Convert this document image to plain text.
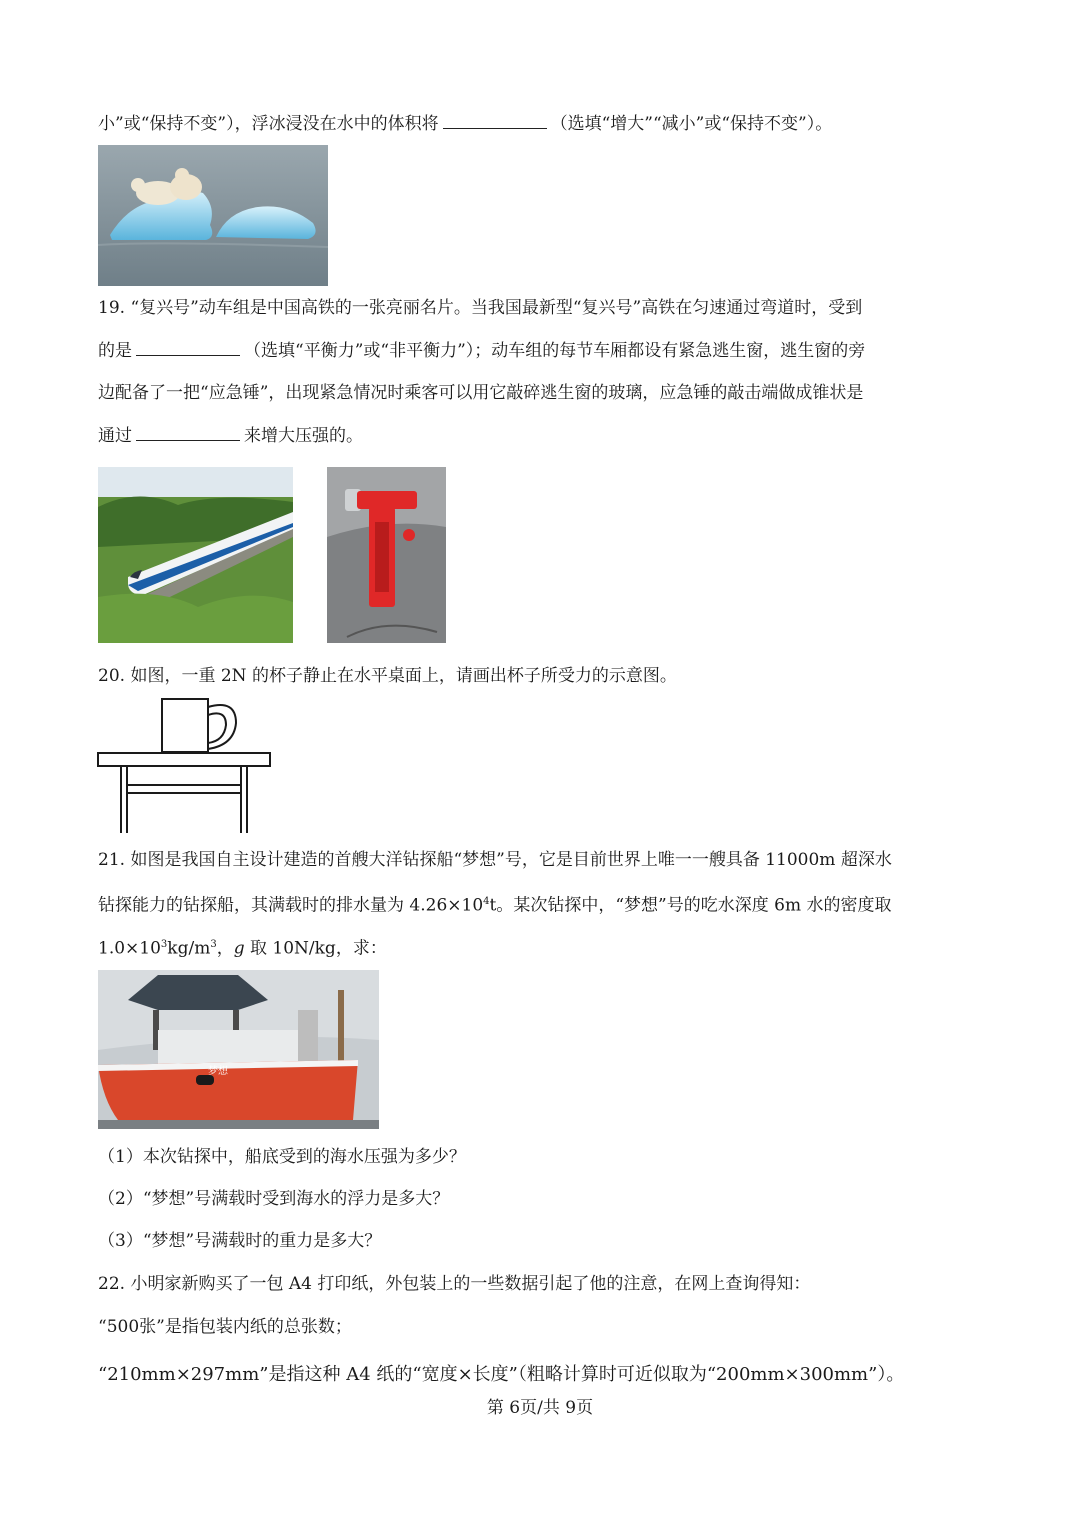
小”或“保持不变”），浮冰浸没在水中的体积将	（选填“增大”“减小”或“保持不变”）。
19. “复兴号”动车组是中国高铁的一张亮丽名片。当我国最新型“复兴号”高铁在匀速通过弯道时，受到
的是	（选填“平衡力”或“非平衡力”）；动车组的每节车厢都设有紧急逃生窗，逃生窗的旁
边配备了一把“应急锤”，出现紧急情况时乘客可以用它敲碎逃生窗的玻璃，应急锤的敲击端做成锥状是
通过	来增大压强的。
20. 如图，一重 2N 的杯子静止在水平桌面上，请画出杯子所受力的示意图。
21. 如图是我国自主设计建造的首艘大洋钻探船“梦想”号，它是目前世界上唯一一艘具备 11000m 超深水
钻探能力的钻探船，其满载时的排水量为 $4.26\times 10^4t$。某次钻探中，“梦想”号的吃水深度 6m 水的密度取
$1.0\times 10^3kg/m^3$，g 取 10N/kg，求：
梦想
（1）本次钻探中，船底受到的海水压强为多少？
（2）“梦想”号满载时受到海水的浮力是多大？
（3）“梦想”号满载时的重力是多大？
22. 小明家新购买了一包 A4 打印纸，外包装上的一些数据引起了他的注意，在网上查询得知：
“500张”是指包装内纸的总张数；
“210mm×297mm”是指这种 A4 纸的“宽度×长度”（粗略计算时可近似取为“200mm×300mm”）。
第 6页/共 9页
